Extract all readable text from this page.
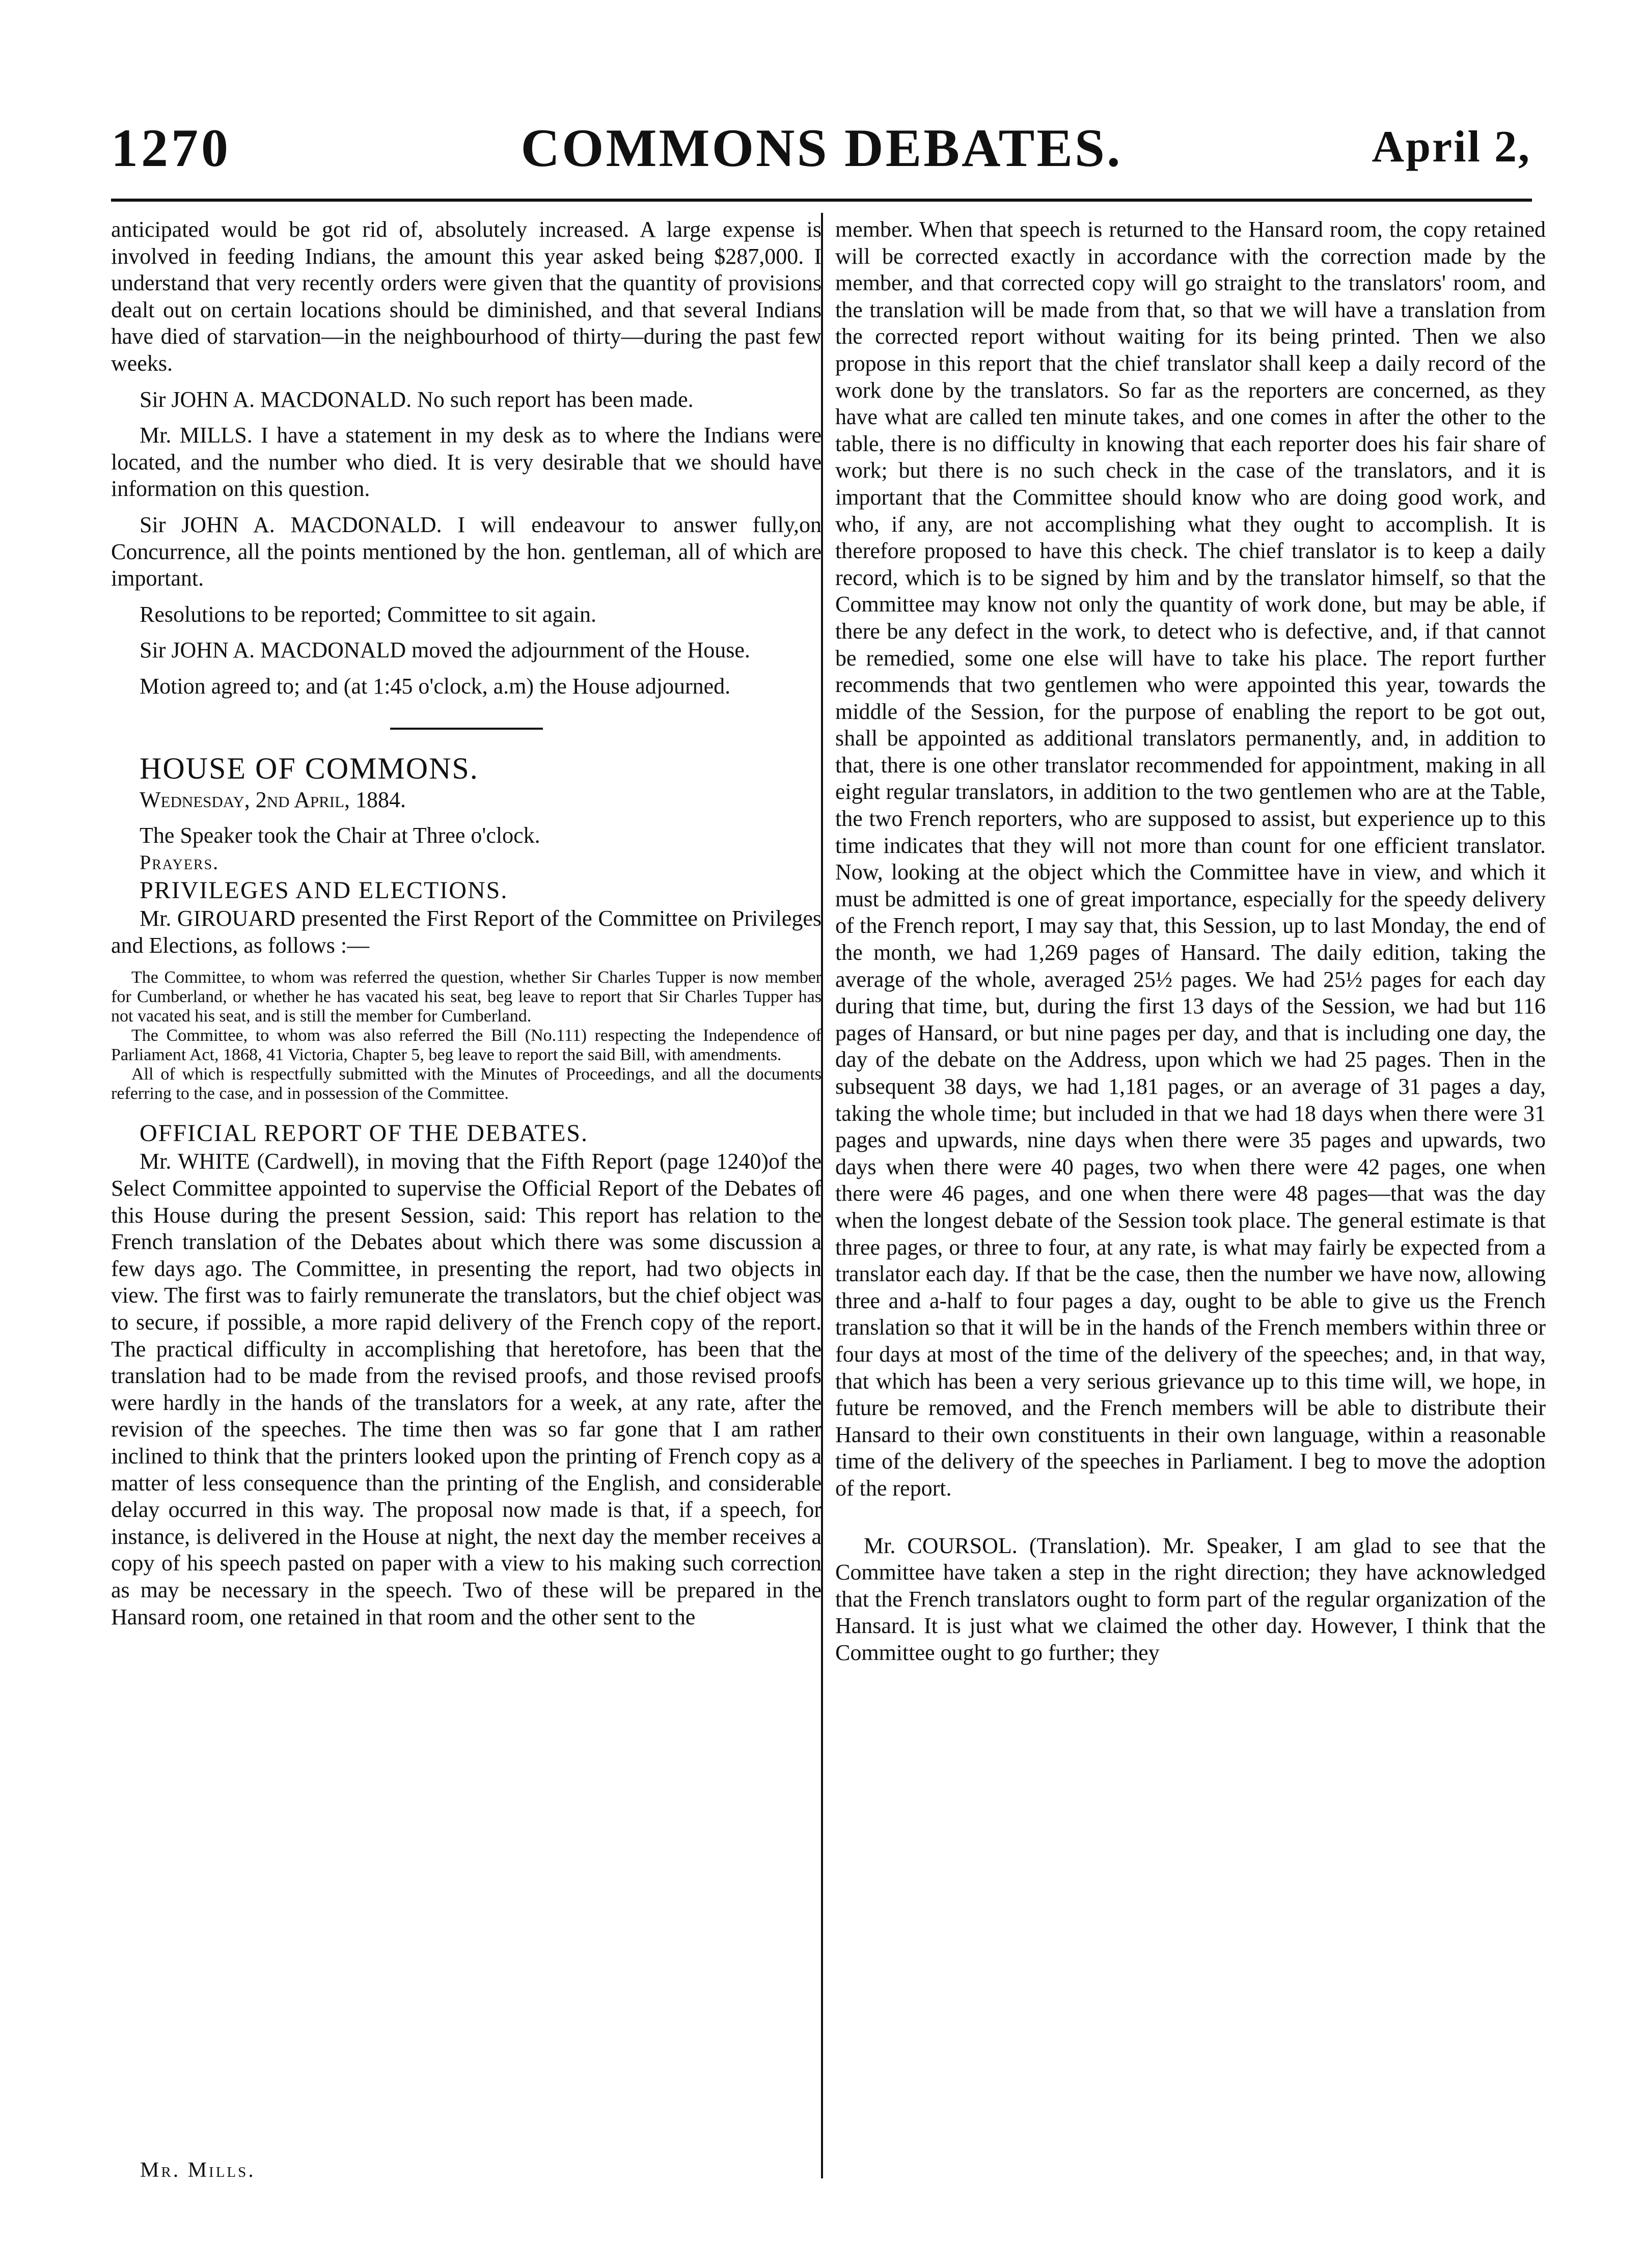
1270	COMMONS DEBATES.	April 2,

anticipated would be got rid of, absolutely increased. A large expense is involved in feeding Indians, the amount this year asked being $287,000. I understand that very recently orders were given that the quantity of provisions dealt out on certain locations should be diminished, and that several Indians have died of starvation—in the neighbourhood of thirty—during the past few weeks.

Sir JOHN A. MACDONALD. No such report has been made.

Mr. MILLS. I have a statement in my desk as to where the Indians were located, and the number who died. It is very desirable that we should have information on this question.

Sir JOHN A. MACDONALD. I will endeavour to answer fully,on Concurrence, all the points mentioned by the hon. gentleman, all of which are important.

Resolutions to be reported; Committee to sit again.

Sir JOHN A. MACDONALD moved the adjournment of the House.

Motion agreed to; and (at 1:45 o'clock, a.m) the House adjourned.

HOUSE OF COMMONS.

Wednesday, 2nd April, 1884.

The Speaker took the Chair at Three o'clock.

Prayers.

PRIVILEGES AND ELECTIONS.

Mr. GIROUARD presented the First Report of the Committee on Privileges and Elections, as follows :—

The Committee, to whom was referred the question, whether Sir Charles Tupper is now member for Cumberland, or whether he has vacated his seat, beg leave to report that Sir Charles Tupper has not vacated his seat, and is still the member for Cumberland.

The Committee, to whom was also referred the Bill (No.111) respecting the Independence of Parliament Act, 1868, 41 Victoria, Chapter 5, beg leave to report the said Bill, with amendments.

All of which is respectfully submitted with the Minutes of Proceedings, and all the documents referring to the case, and in possession of the Committee.

OFFICIAL REPORT OF THE DEBATES.

Mr. WHITE (Cardwell), in moving that the Fifth Report (page 1240)of the Select Committee appointed to supervise the Official Report of the Debates of this House during the present Session, said: This report has relation to the French translation of the Debates about which there was some discussion a few days ago. The Committee, in presenting the report, had two objects in view. The first was to fairly remunerate the translators, but the chief object was to secure, if possible, a more rapid delivery of the French copy of the report. The practical difficulty in accomplishing that heretofore, has been that the translation had to be made from the revised proofs, and those revised proofs were hardly in the hands of the translators for a week, at any rate, after the revision of the speeches. The time then was so far gone that I am rather inclined to think that the printers looked upon the printing of French copy as a matter of less consequence than the printing of the English, and considerable delay occurred in this way. The proposal now made is that, if a speech, for instance, is delivered in the House at night, the next day the member receives a copy of his speech pasted on paper with a view to his making such correction as may be necessary in the speech. Two of these will be prepared in the Hansard room, one retained in that room and the other sent to the

member. When that speech is returned to the Hansard room, the copy retained will be corrected exactly in accordance with the correction made by the member, and that corrected copy will go straight to the translators' room, and the translation will be made from that, so that we will have a translation from the corrected report without waiting for its being printed. Then we also propose in this report that the chief translator shall keep a daily record of the work done by the translators. So far as the reporters are concerned, as they have what are called ten minute takes, and one comes in after the other to the table, there is no difficulty in knowing that each reporter does his fair share of work; but there is no such check in the case of the translators, and it is important that the Committee should know who are doing good work, and who, if any, are not accomplishing what they ought to accomplish. It is therefore proposed to have this check. The chief translator is to keep a daily record, which is to be signed by him and by the translator himself, so that the Committee may know not only the quantity of work done, but may be able, if there be any defect in the work, to detect who is defective, and, if that cannot be remedied, some one else will have to take his place. The report further recommends that two gentlemen who were appointed this year, towards the middle of the Session, for the purpose of enabling the report to be got out, shall be appointed as additional translators permanently, and, in addition to that, there is one other translator recommended for appointment, making in all eight regular translators, in addition to the two gentlemen who are at the Table, the two French reporters, who are supposed to assist, but experience up to this time indicates that they will not more than count for one efficient translator. Now, looking at the object which the Committee have in view, and which it must be admitted is one of great importance, especially for the speedy delivery of the French report, I may say that, this Session, up to last Monday, the end of the month, we had 1,269 pages of Hansard. The daily edition, taking the average of the whole, averaged 25½ pages. We had 25½ pages for each day during that time, but, during the first 13 days of the Session, we had but 116 pages of Hansard, or but nine pages per day, and that is including one day, the day of the debate on the Address, upon which we had 25 pages. Then in the subsequent 38 days, we had 1,181 pages, or an average of 31 pages a day, taking the whole time; but included in that we had 18 days when there were 31 pages and upwards, nine days when there were 35 pages and upwards, two days when there were 40 pages, two when there were 42 pages, one when there were 46 pages, and one when there were 48 pages—that was the day when the longest debate of the Session took place. The general estimate is that three pages, or three to four, at any rate, is what may fairly be expected from a translator each day. If that be the case, then the number we have now, allowing three and a-half to four pages a day, ought to be able to give us the French translation so that it will be in the hands of the French members within three or four days at most of the time of the delivery of the speeches; and, in that way, that which has been a very serious grievance up to this time will, we hope, in future be removed, and the French members will be able to distribute their Hansard to their own constituents in their own language, within a reasonable time of the delivery of the speeches in Parliament. I beg to move the adoption of the report.

Mr. COURSOL. (Translation). Mr. Speaker, I am glad to see that the Committee have taken a step in the right direction; they have acknowledged that the French translators ought to form part of the regular organization of the Hansard. It is just what we claimed the other day. However, I think that the Committee ought to go further; they

Mr. Mills.
